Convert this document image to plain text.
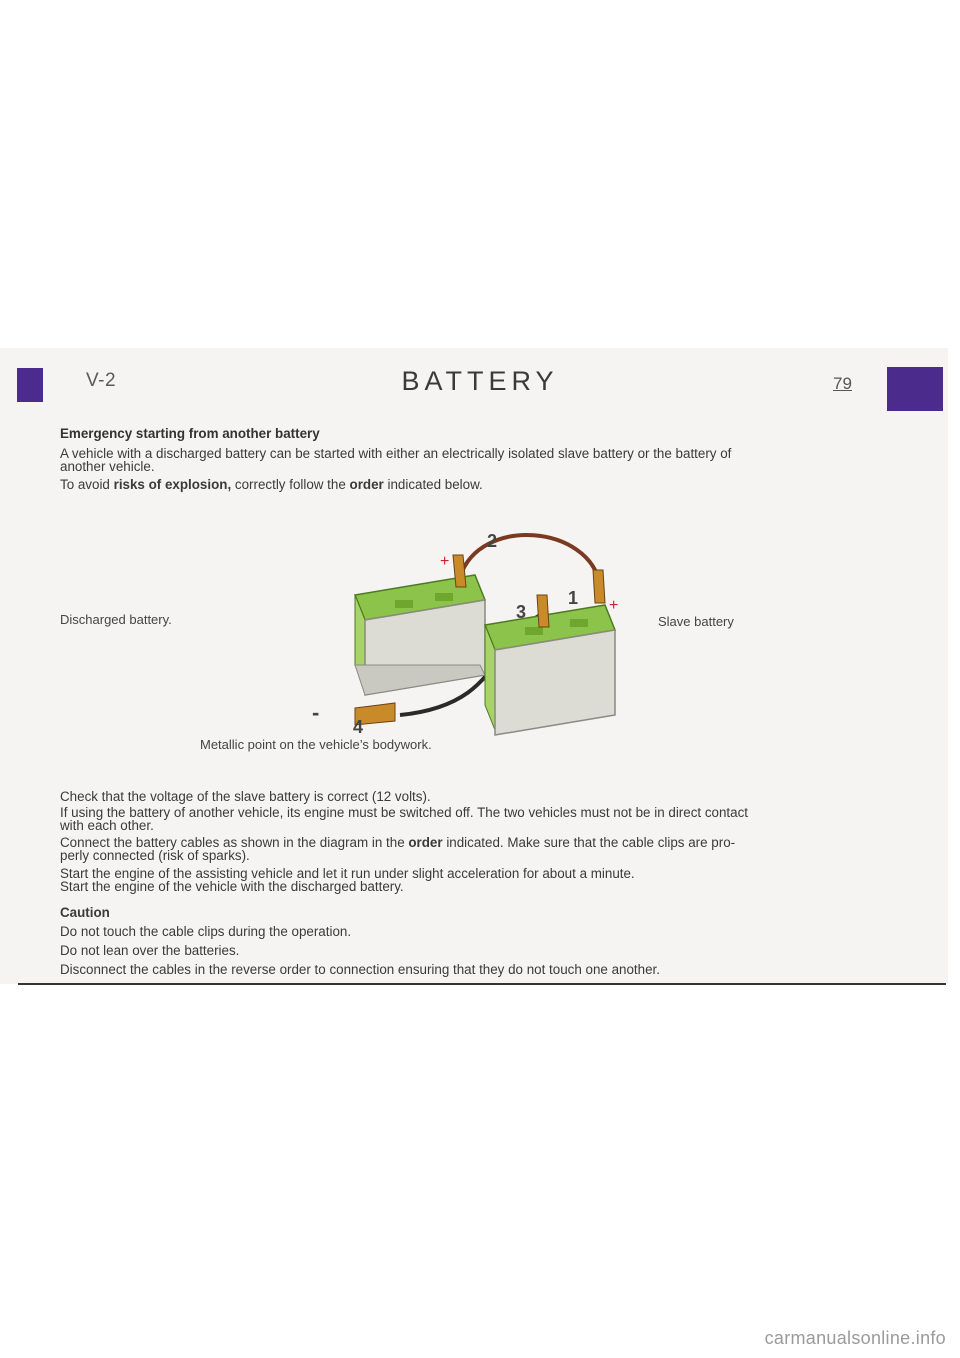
V-2	BATTERY	79
Emergency starting from another battery
A vehicle with a discharged battery can be started with either an electrically isolated slave battery or the battery of
another vehicle.
To avoid risks of explosion, correctly follow the order indicated below.
2
1
3
4
+
+
-
Discharged battery.	Slave battery
Metallic point on the vehicle’s bodywork.
Check that the voltage of the slave battery is correct (12 volts).
If using the battery of another vehicle, its engine must be switched off. The two vehicles must not be in direct contact
with each other.
Connect the battery cables as shown in the diagram in the order indicated. Make sure that the cable clips are pro-
perly connected (risk of sparks).
Start the engine of the assisting vehicle and let it run under slight acceleration for about a minute.
Start the engine of the vehicle with the discharged battery.
Caution
Do not touch the cable clips during the operation.
Do not lean over the batteries.
Disconnect the cables in the reverse order to connection ensuring that they do not touch one another.
carmanualsonline.info
